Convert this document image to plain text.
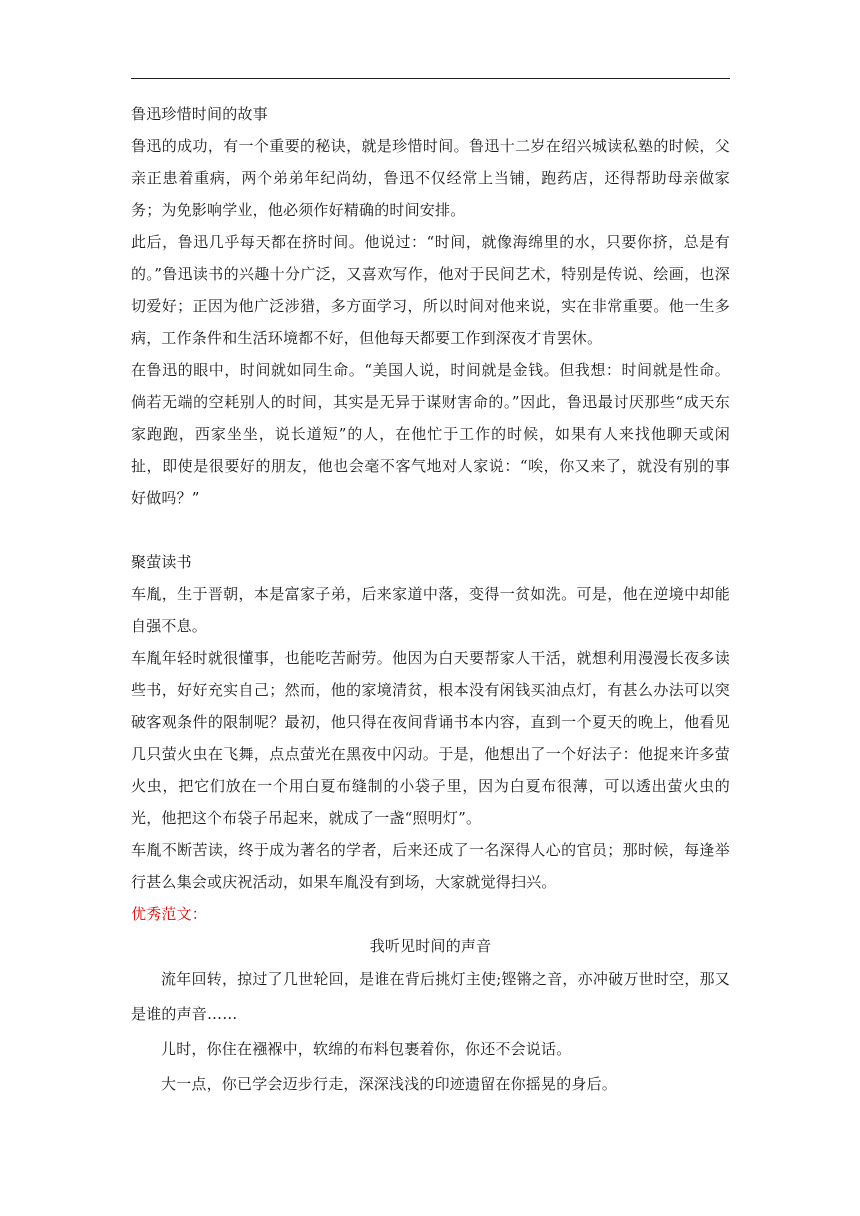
鲁迅珍惜时间的故事

鲁迅的成功，有一个重要的秘诀，就是珍惜时间。鲁迅十二岁在绍兴城读私塾的时候，父亲正患着重病，两个弟弟年纪尚幼，鲁迅不仅经常上当铺，跑药店，还得帮助母亲做家务；为免影响学业，他必须作好精确的时间安排。

此后，鲁迅几乎每天都在挤时间。他说过：“时间，就像海绵里的水，只要你挤，总是有的。”鲁迅读书的兴趣十分广泛，又喜欢写作，他对于民间艺术，特别是传说、绘画，也深切爱好；正因为他广泛涉猎，多方面学习，所以时间对他来说，实在非常重要。他一生多病，工作条件和生活环境都不好，但他每天都要工作到深夜才肯罢休。

在鲁迅的眼中，时间就如同生命。“美国人说，时间就是金钱。但我想：时间就是性命。倘若无端的空耗别人的时间，其实是无异于谋财害命的。”因此，鲁迅最讨厌那些“成天东家跑跑，西家坐坐，说长道短”的人，在他忙于工作的时候，如果有人来找他聊天或闲扯，即使是很要好的朋友，他也会毫不客气地对人家说：“唉，你又来了，就没有别的事好做吗？”

聚萤读书

车胤，生于晋朝，本是富家子弟，后来家道中落，变得一贫如洗。可是，他在逆境中却能自强不息。

车胤年轻时就很懂事，也能吃苦耐劳。他因为白天要帮家人干活，就想利用漫漫长夜多读些书，好好充实自己；然而，他的家境清贫，根本没有闲钱买油点灯，有甚么办法可以突破客观条件的限制呢？最初，他只得在夜间背诵书本内容，直到一个夏天的晚上，他看见几只萤火虫在飞舞，点点萤光在黑夜中闪动。于是，他想出了一个好法子：他捉来许多萤火虫，把它们放在一个用白夏布缝制的小袋子里，因为白夏布很薄，可以透出萤火虫的光，他把这个布袋子吊起来，就成了一盏“照明灯”。

车胤不断苦读，终于成为著名的学者，后来还成了一名深得人心的官员；那时候，每逢举行甚么集会或庆祝活动，如果车胤没有到场，大家就觉得扫兴。

优秀范文：

我听见时间的声音

流年回转，掠过了几世轮回，是谁在背后挑灯主使;铿锵之音，亦冲破万世时空，那又是谁的声音……

儿时，你住在襁褓中，软绵的布料包裹着你，你还不会说话。

大一点，你已学会迈步行走，深深浅浅的印迹遗留在你摇晃的身后。
